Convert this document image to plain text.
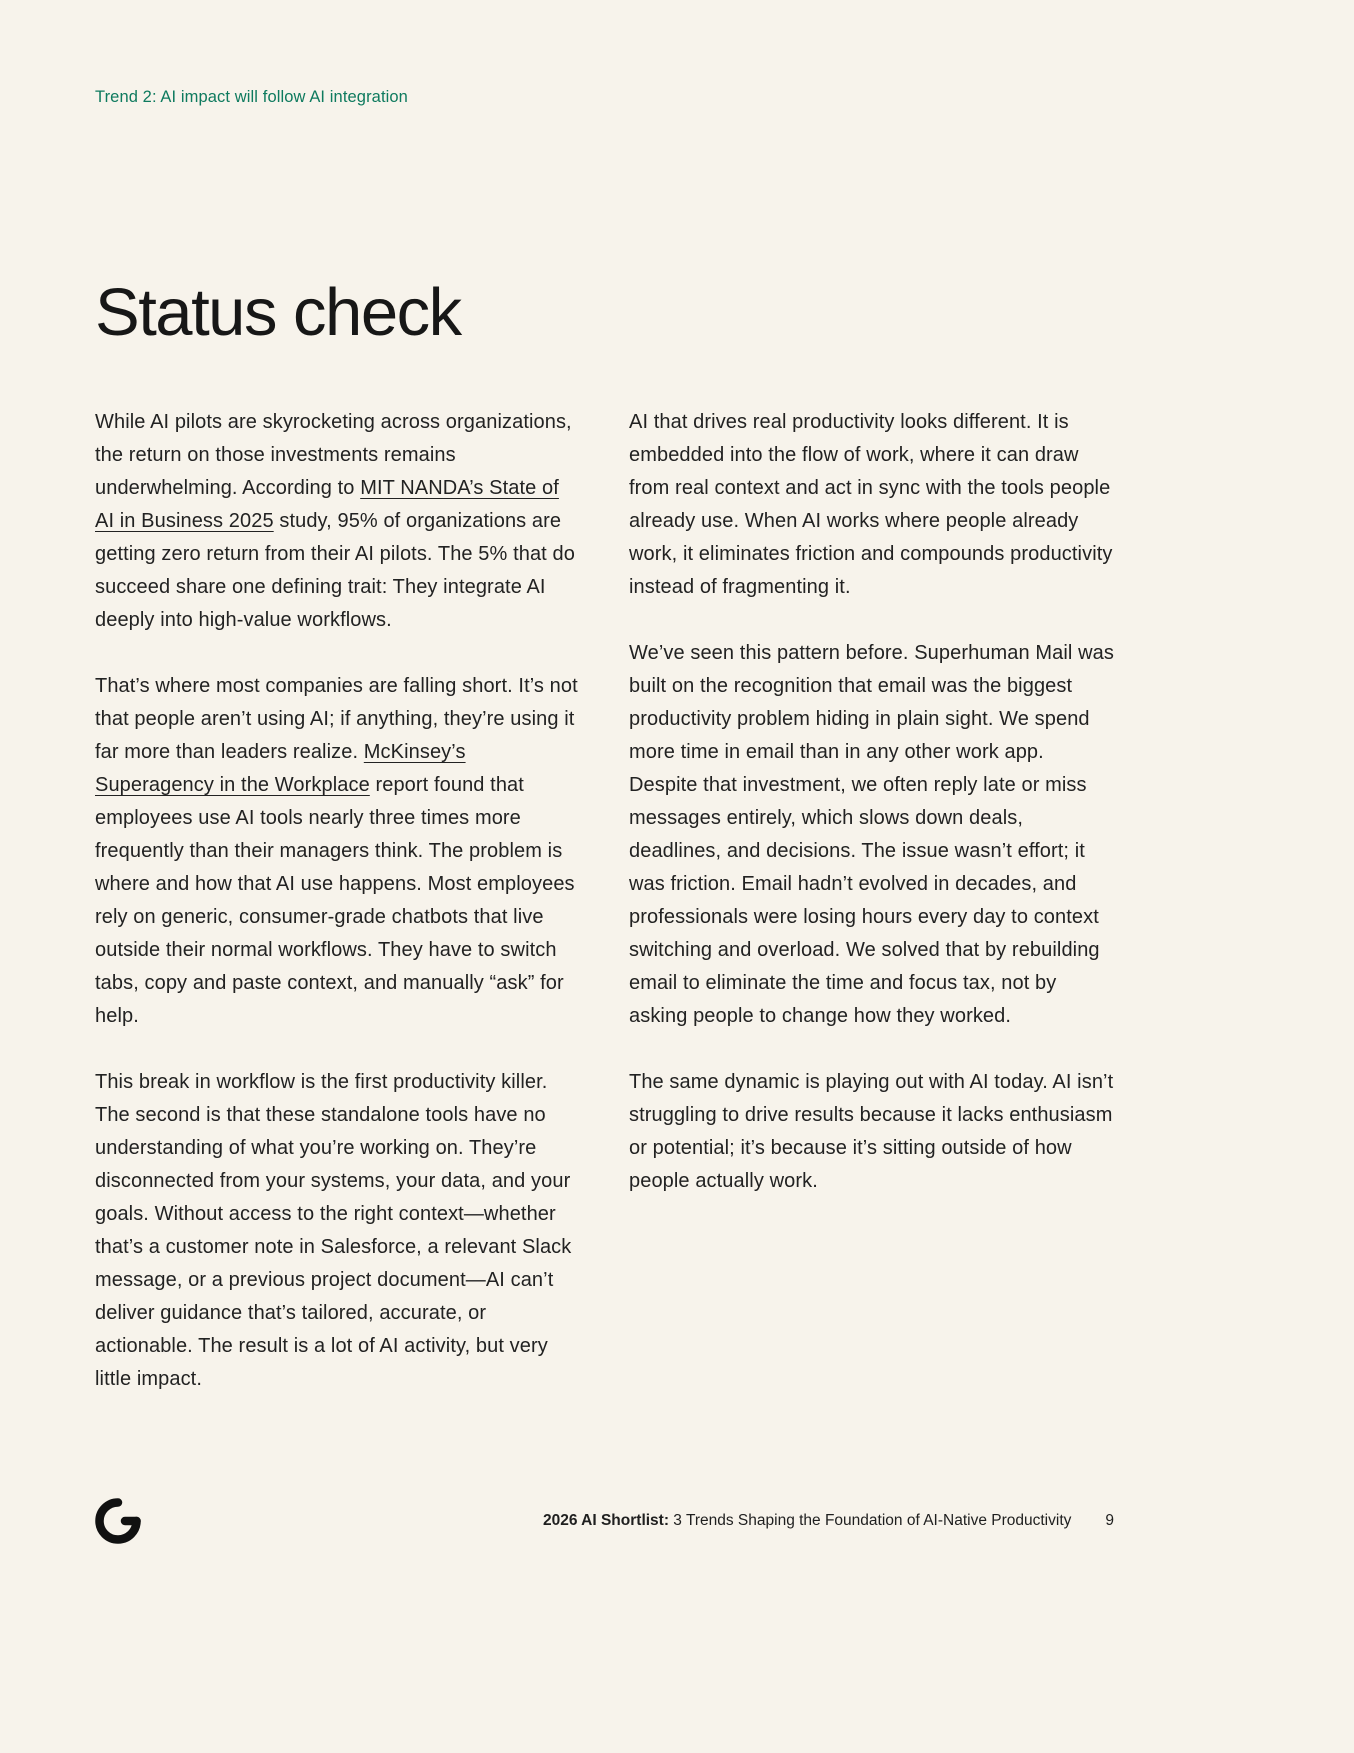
Trend 2: AI impact will follow AI integration
Status check

While AI pilots are skyrocketing across organizations, the return on those investments remains underwhelming. According to MIT NANDA’s State of AI in Business 2025 study, 95% of organizations are getting zero return from their AI pilots. The 5% that do succeed share one defining trait: They integrate AI deeply into high-value workflows.

That’s where most companies are falling short. It’s not that people aren’t using AI; if anything, they’re using it far more than leaders realize. McKinsey’s Superagency in the Workplace report found that employees use AI tools nearly three times more frequently than their managers think. The problem is where and how that AI use happens. Most employees rely on generic, consumer-grade chatbots that live outside their normal workflows. They have to switch tabs, copy and paste context, and manually “ask” for help.

This break in workflow is the first productivity killer. The second is that these standalone tools have no understanding of what you’re working on. They’re disconnected from your systems, your data, and your goals. Without access to the right context—whether that’s a customer note in Salesforce, a relevant Slack message, or a previous project document—AI can’t deliver guidance that’s tailored, accurate, or actionable. The result is a lot of AI activity, but very little impact.

AI that drives real productivity looks different. It is embedded into the flow of work, where it can draw from real context and act in sync with the tools people already use. When AI works where people already work, it eliminates friction and compounds productivity instead of fragmenting it.

We’ve seen this pattern before. Superhuman Mail was built on the recognition that email was the biggest productivity problem hiding in plain sight. We spend more time in email than in any other work app. Despite that investment, we often reply late or miss messages entirely, which slows down deals, deadlines, and decisions. The issue wasn’t effort; it was friction. Email hadn’t evolved in decades, and professionals were losing hours every day to context switching and overload. We solved that by rebuilding email to eliminate the time and focus tax, not by asking people to change how they worked.

The same dynamic is playing out with AI today. AI isn’t struggling to drive results because it lacks enthusiasm or potential; it’s because it’s sitting outside of how people actually work.

2026 AI Shortlist: 3 Trends Shaping the Foundation of AI-Native Productivity 9
